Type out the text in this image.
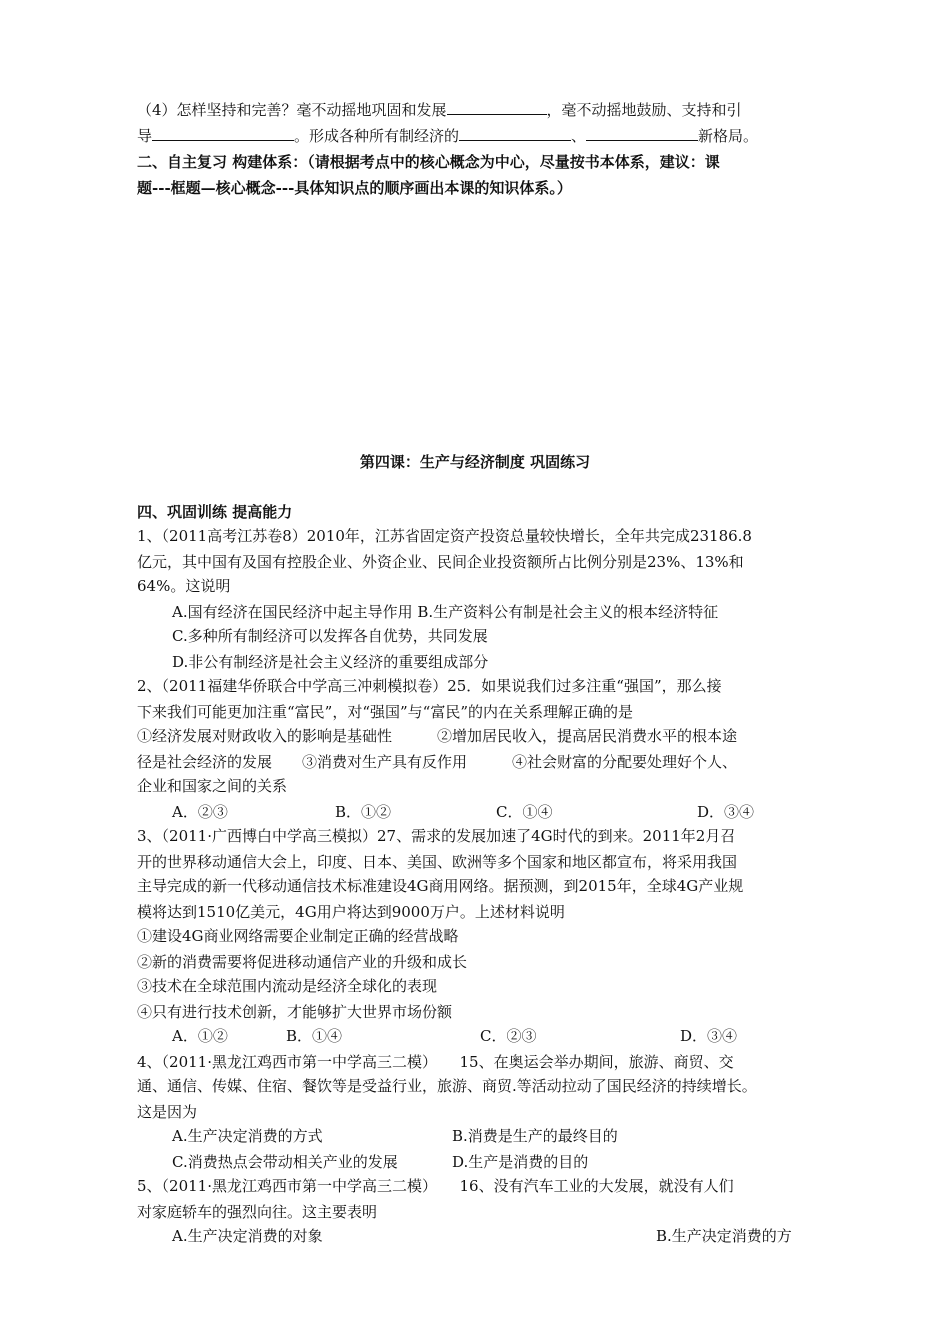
（4）怎样坚持和完善？毫不动摇地巩固和发展	，毫不动摇地鼓励、支持和引
导	。形成各种所有制经济的	、	新格局。
二、自主复习 构建体系：（请根据考点中的核心概念为中心，尽量按书本体系，建议：课
题---框题—核心概念---具体知识点的顺序画出本课的知识体系。）
第四课：生产与经济制度 巩固练习
四、巩固训练 提高能力
1、（2011高考江苏卷8）2010年，江苏省固定资产投资总量较快增长，全年共完成23186.8
亿元，其中国有及国有控股企业、外资企业、民间企业投资额所占比例分别是23%、13%和
64%。这说明
A.国有经济在国民经济中起主导作用 B.生产资料公有制是社会主义的根本经济特征
C.多种所有制经济可以发挥各自优势，共同发展
D.非公有制经济是社会主义经济的重要组成部分
2、（2011福建华侨联合中学高三冲刺模拟卷）25．如果说我们过多注重“强国”，那么接
下来我们可能更加注重“富民”，对“强国”与“富民”的内在关系理解正确的是
①经济发展对财政收入的影响是基础性　　　②增加居民收入，提高居民消费水平的根本途
径是社会经济的发展　　③消费对生产具有反作用　　　④社会财富的分配要处理好个人、
企业和国家之间的关系
A．②③	B．①②	C．①④	D．③④
3、（2011·广西博白中学高三模拟）27、需求的发展加速了4G时代的到来。2011年2月召
开的世界移动通信大会上，印度、日本、美国、欧洲等多个国家和地区都宣布，将采用我国
主导完成的新一代移动通信技术标准建设4G商用网络。据预测，到2015年，全球4G产业规
模将达到1510亿美元，4G用户将达到9000万户。上述材料说明
①建设4G商业网络需要企业制定正确的经营战略
②新的消费需要将促进移动通信产业的升级和成长
③技术在全球范围内流动是经济全球化的表现
④只有进行技术创新，才能够扩大世界市场份额
A．①②	B．①④	C．②③	D．③④
4、（2011·黑龙江鸡西市第一中学高三二模）　　15、在奥运会举办期间，旅游、商贸、交
通、通信、传媒、住宿、餐饮等是受益行业，旅游、商贸.等活动拉动了国民经济的持续增长。
这是因为
A.生产决定消费的方式	B.消费是生产的最终目的
C.消费热点会带动相关产业的发展	D.生产是消费的目的
5、（2011·黑龙江鸡西市第一中学高三二模）　　16、没有汽车工业的大发展，就没有人们
对家庭轿车的强烈向往。这主要表明
A.生产决定消费的对象	B.生产决定消费的方
